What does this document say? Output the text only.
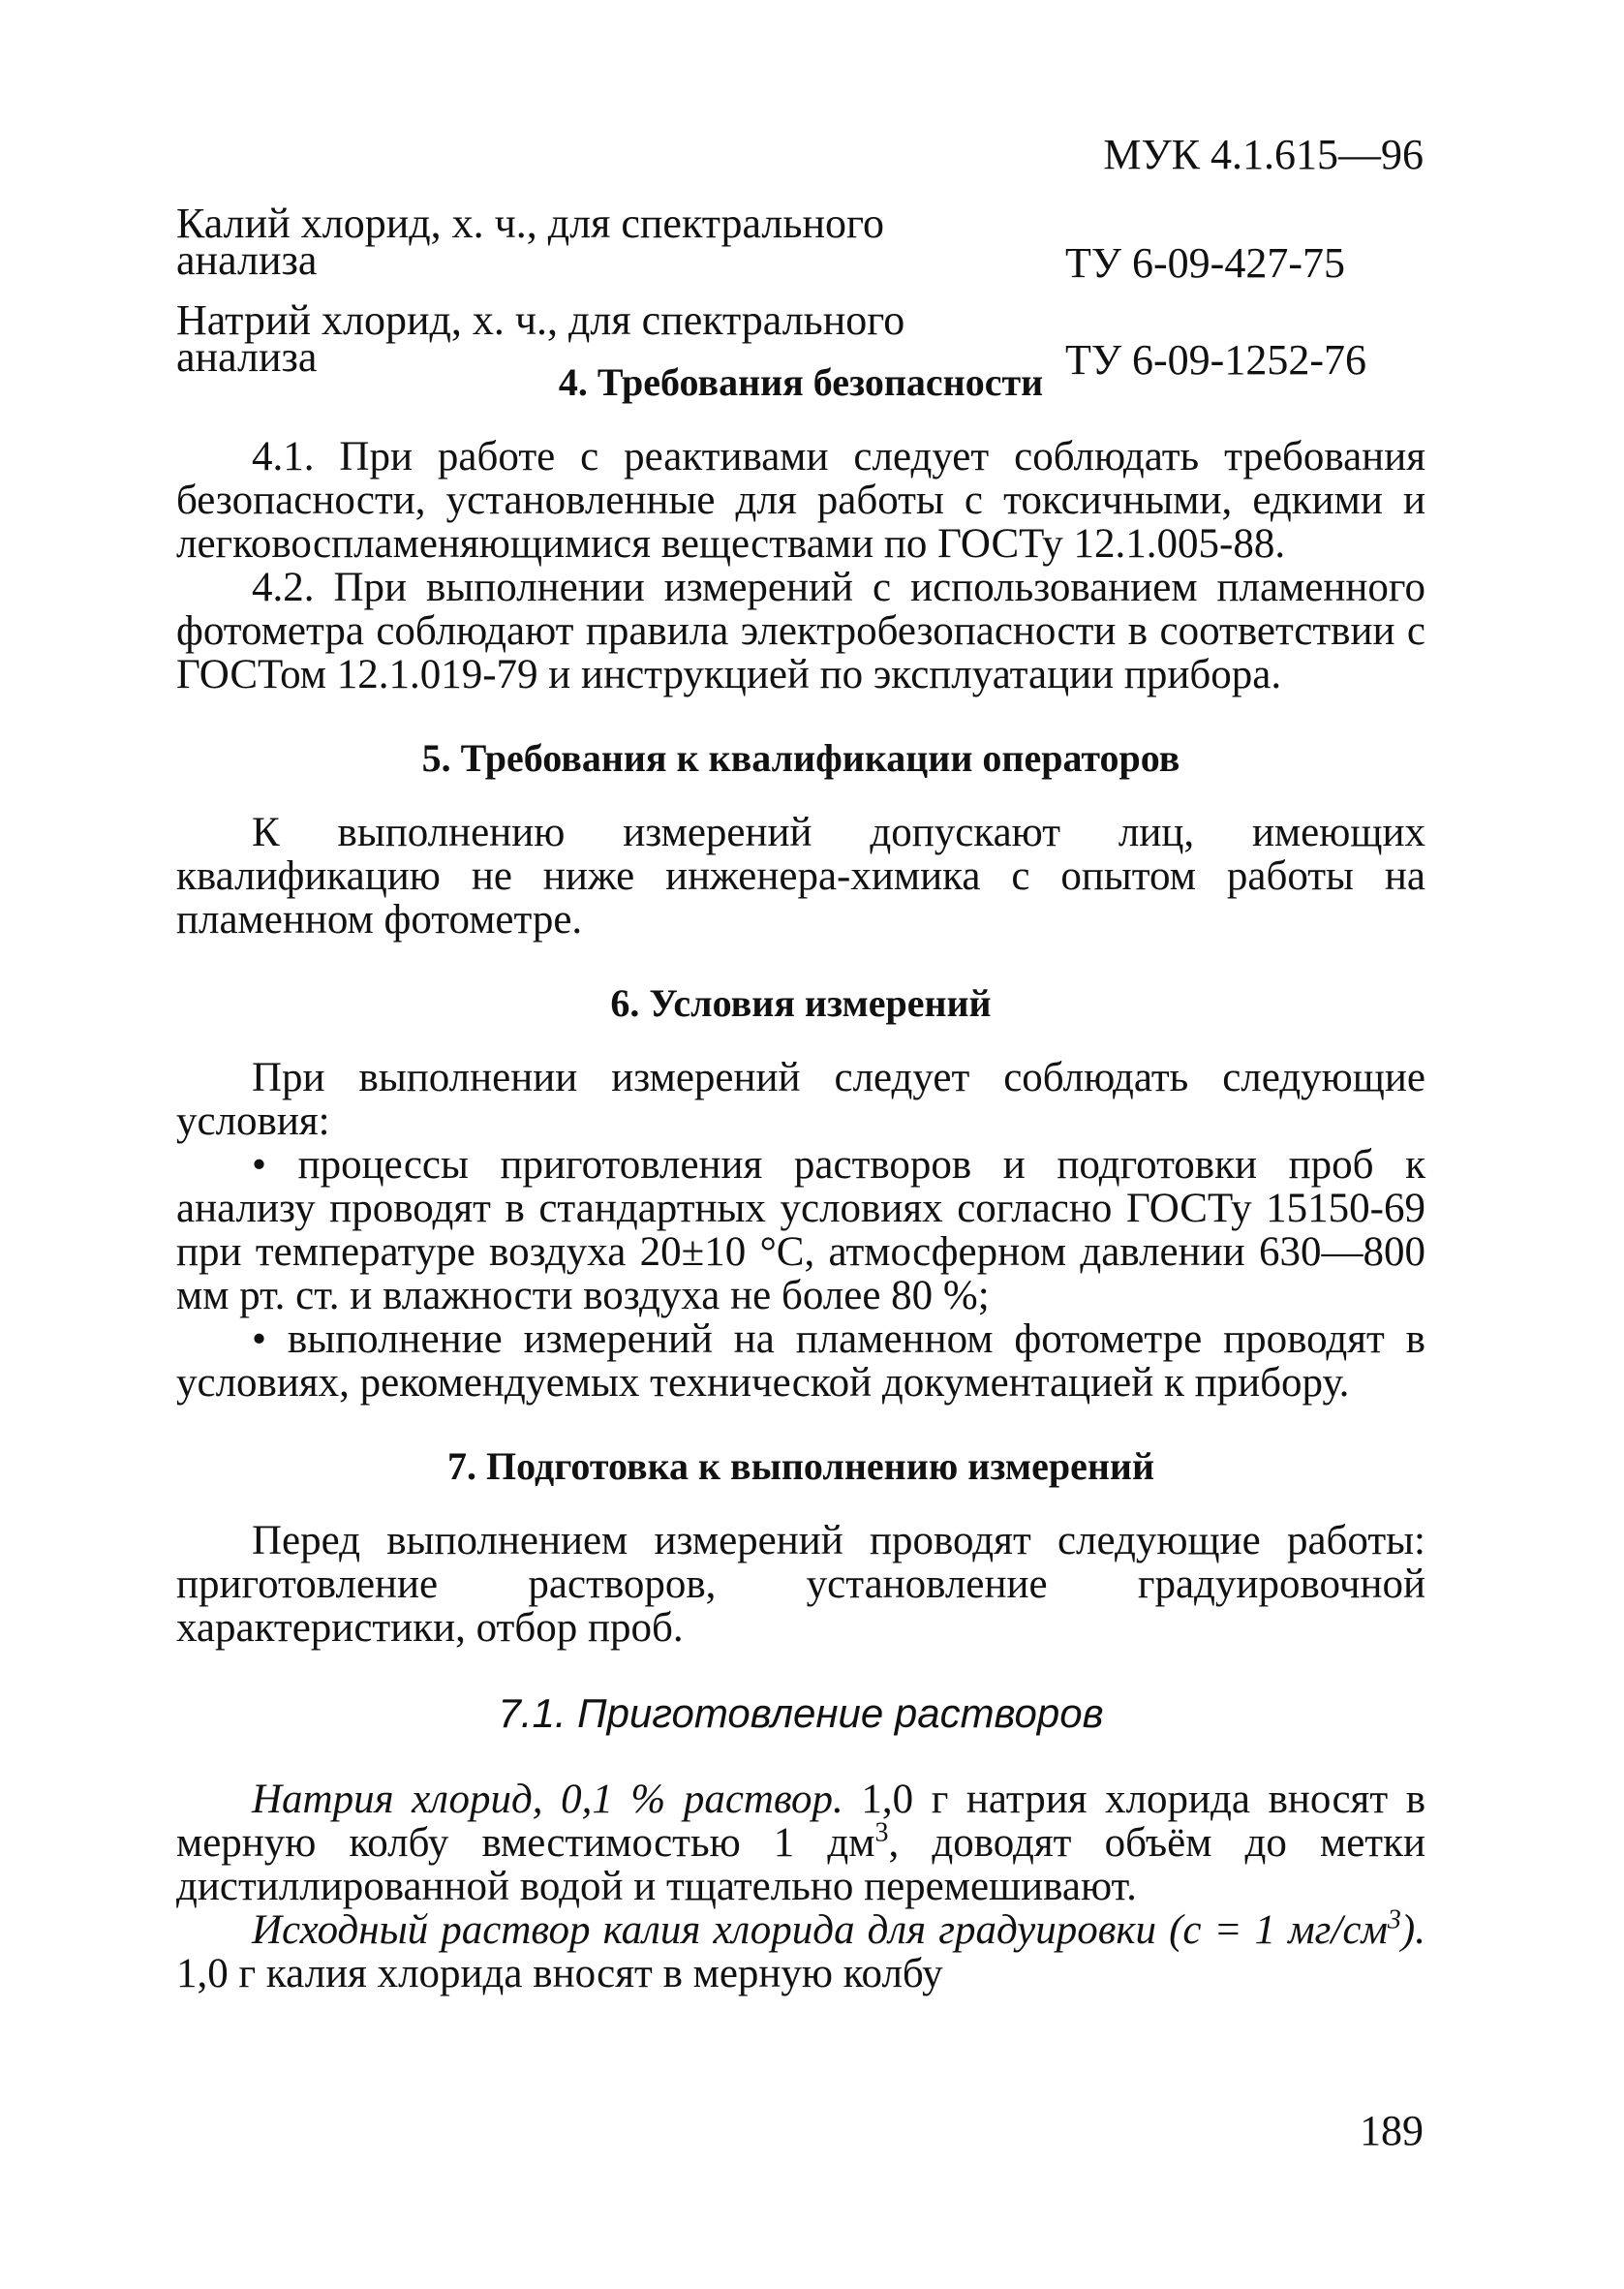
МУК 4.1.615—96
Калий хлорид, х. ч., для спектрального
анализа	ТУ 6-09-427-75
Натрий хлорид, х. ч., для спектрального
анализа	ТУ 6-09-1252-76
4. Требования безопасности

4.1. При работе с реактивами следует соблюдать требования безопасности, установленные для работы с токсичными, едкими и легковоспламеняющимися веществами по ГОСТу 12.1.005-88.

4.2. При выполнении измерений с использованием пламенного фотометра соблюдают правила электробезопасности в соответствии с ГОСТом 12.1.019-79 и инструкцией по эксплуатации прибора.

5. Требования к квалификации операторов

К выполнению измерений допускают лиц, имеющих квалификацию не ниже инженера-химика с опытом работы на пламенном фотометре.

6. Условия измерений

При выполнении измерений следует соблюдать следующие условия:

• процессы приготовления растворов и подготовки проб к анализу проводят в стандартных условиях согласно ГОСТу 15150-69 при температуре воздуха 20±10 °С, атмосферном давлении 630—800 мм рт. ст. и влажности воздуха не более 80 %;

• выполнение измерений на пламенном фотометре проводят в условиях, рекомендуемых технической документацией к прибору.

7. Подготовка к выполнению измерений

Перед выполнением измерений проводят следующие работы: приготовление растворов, установление градуировочной характеристики, отбор проб.

7.1. Приготовление растворов

Натрия хлорид, 0,1 % раствор. 1,0 г натрия хлорида вносят в мерную колбу вместимостью 1 $дм^3$, доводят объём до метки дистиллированной водой и тщательно перемешивают.

Исходный раствор калия хлорида для градуировки (с = 1 $мг/см^3$). 1,0 г калия хлорида вносят в мерную колбу

189
